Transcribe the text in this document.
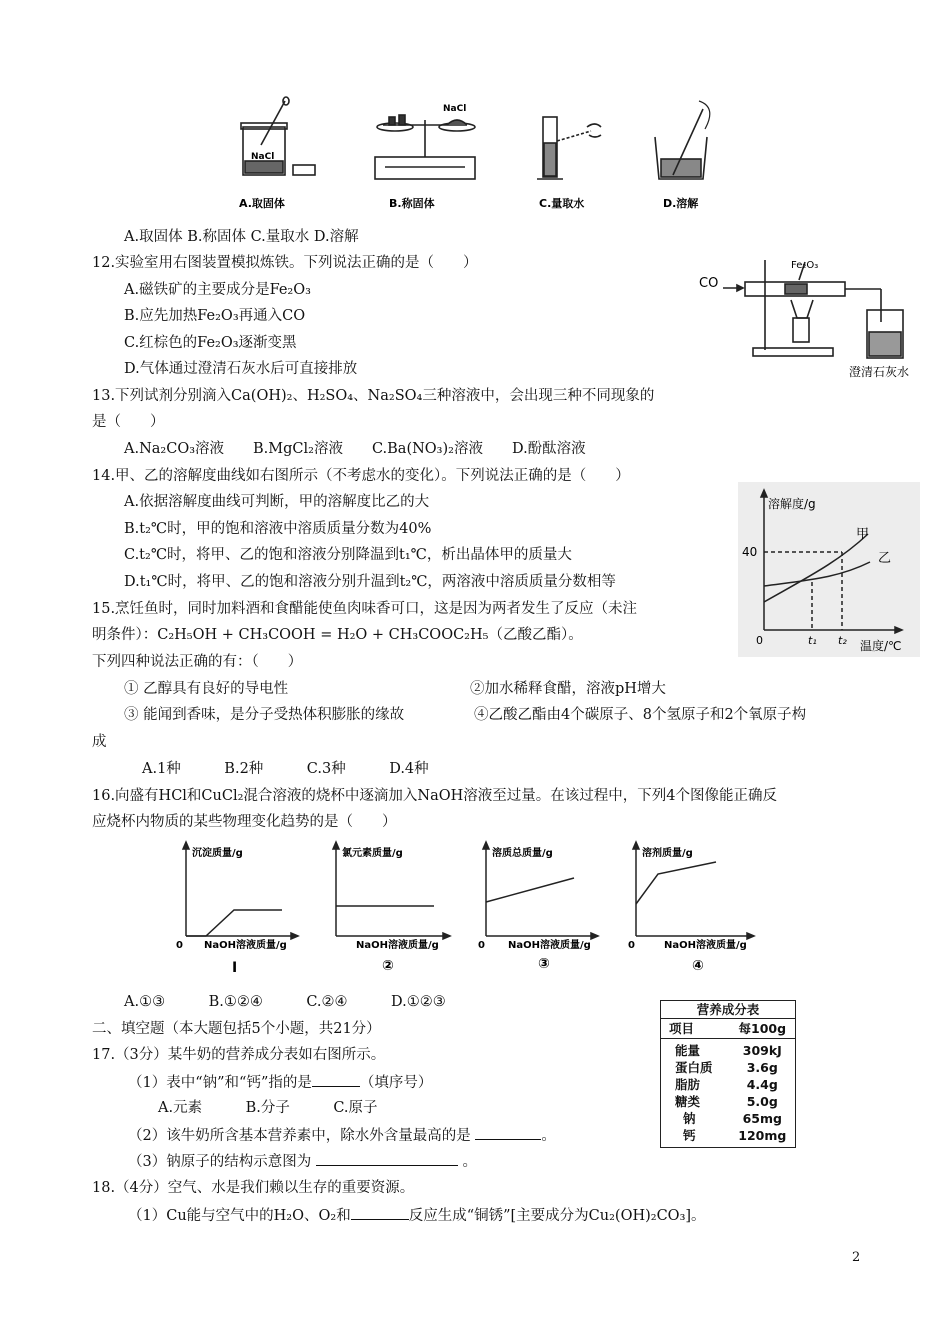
NaCl
NaCl
A.取固体	B.称固体	C.量取水	D.溶解
A.取固体 B.称固体 C.量取水 D.溶解
12.实验室用右图装置模拟炼铁。下列说法正确的是（　　）
A.磁铁矿的主要成分是Fe₂O₃
B.应先加热Fe₂O₃再通入CO
C.红棕色的Fe₂O₃逐渐变黑
D.气体通过澄清石灰水后可直接排放
CO
Fe₂O₃
澄清石灰水
13.下列试剂分别滴入Ca(OH)₂、H₂SO₄、Na₂SO₄三种溶液中，会出现三种不同现象的
是（　　）
A.Na₂CO₃溶液　　B.MgCl₂溶液　　C.Ba(NO₃)₂溶液　　D.酚酞溶液
14.甲、乙的溶解度曲线如右图所示（不考虑水的变化）。下列说法正确的是（　　）
A.依据溶解度曲线可判断，甲的溶解度比乙的大
B.t₂℃时，甲的饱和溶液中溶质质量分数为40%
C.t₂℃时，将甲、乙的饱和溶液分别降温到t₁℃，析出晶体甲的质量大
D.t₁℃时，将甲、乙的饱和溶液分别升温到t₂℃，两溶液中溶质质量分数相等
溶解度/g
40
0	t₁ t₂ 温度/℃
甲
乙
15.烹饪鱼时，同时加料酒和食醋能使鱼肉味香可口，这是因为两者发生了反应（未注
明条件）：C₂H₅OH + CH₃COOH = H₂O + CH₃COOC₂H₅（乙酸乙酯）。
下列四种说法正确的有：（　　）
① 乙醇具有良好的导电性	②加水稀释食醋，溶液pH增大
③ 能闻到香味，是分子受热体积膨胀的缘故	④乙酸乙酯由4个碳原子、8个氢原子和2个氧原子构
成
A.1种　　　B.2种　　　C.3种　　　D.4种
16.向盛有HCl和CuCl₂混合溶液的烧杯中逐滴加入NaOH溶液至过量。在该过程中，下列4个图像能正确反
应烧杯内物质的某些物理变化趋势的是（　　）
沉淀质量/g
NaOH溶液质量/g
0
氯元素质量/g
NaOH溶液质量/g
溶质总质量/g
NaOH溶液质量/g
0
溶剂质量/g
NaOH溶液质量/g
0
Ⅰ	②	③	④
A.①③　　　B.①②④　　　C.②④　　　D.①②③
二、填空题（本大题包括5个小题，共21分）
17.（3分）某牛奶的营养成分表如右图所示。
（1）表中“钠”和“钙”指的是	（填序号）
A.元素　　　B.分子　　　C.原子
（2）该牛奶所含基本营养素中，除水外含量最高的是	。
（3）钠原子的结构示意图为	。
营养成分表
项目	每100g
能量	309kJ
蛋白质	3.6g
脂肪	4.4g
糖类	5.0g
钠	65mg
钙	120mg
18.（4分）空气、水是我们赖以生存的重要资源。
（1）Cu能与空气中的H₂O、O₂和	反应生成“铜锈”[主要成分为Cu₂(OH)₂CO₃]。
2
